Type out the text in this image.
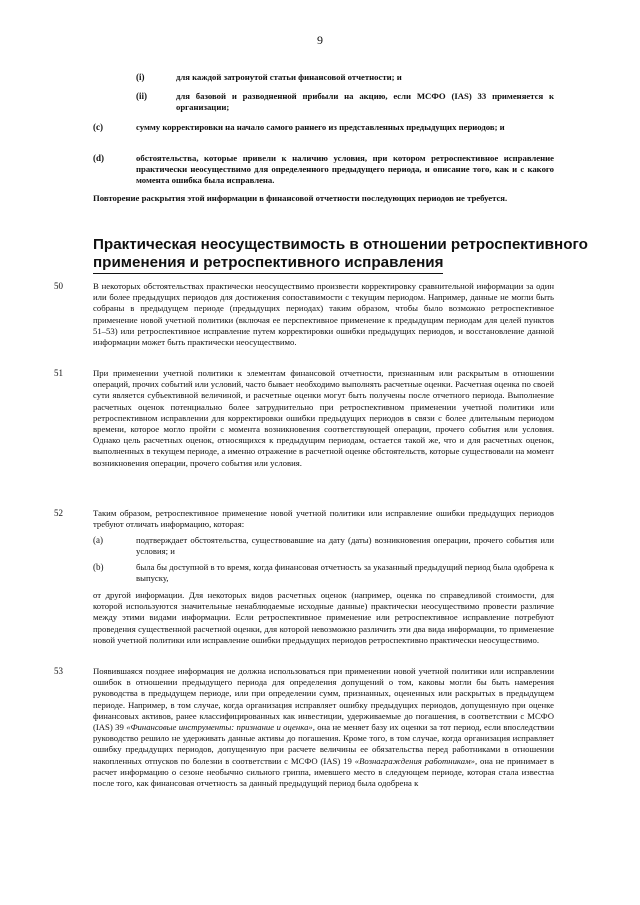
9
(i)	для каждой затронутой статьи финансовой отчетности; и
(ii)	для базовой и разводненной прибыли на акцию, если МСФО (IAS) 33 применяется к организации;
(c)	сумму корректировки на начало самого раннего из представленных предыдущих периодов; и
(d)	обстоятельства, которые привели к наличию условия, при котором ретроспективное исправление практически неосуществимо для определенного предыдущего периода, и описание того, как и с какого момента ошибка была исправлена.
Повторение раскрытия этой информации в финансовой отчетности последующих периодов не требуется.
Практическая неосуществимость в отношении ретроспективного
применения и ретроспективного исправления
50	В некоторых обстоятельствах практически неосуществимо произвести корректировку сравнительной информации за один или более предыдущих периодов для достижения сопоставимости с текущим периодом. Например, данные не могли быть собраны в предыдущем периоде (предыдущих периодах) таким образом, чтобы было возможно ретроспективное применение новой учетной политики (включая ее перспективное применение к предыдущим периодам для целей пунктов 51–53) или ретроспективное исправление путем корректировки ошибки предыдущих периодов, и восстановление данной информации может быть практически неосуществимо.
51	При применении учетной политики к элементам финансовой отчетности, признанным или раскрытым в отношении операций, прочих событий или условий, часто бывает необходимо выполнять расчетные оценки. Расчетная оценка по своей сути является субъективной величиной, и расчетные оценки могут быть получены после отчетного периода. Выполнение расчетных оценок потенциально более затруднительно при ретроспективном применении учетной политики или ретроспективном исправлении для корректировки ошибки предыдущих периодов в связи с более длительным периодом времени, которое могло пройти с момента возникновения соответствующей операции, прочего события или условия. Однако цель расчетных оценок, относящихся к предыдущим периодам, остается такой же, что и для расчетных оценок, выполненных в текущем периоде, а именно отражение в расчетной оценке обстоятельств, которые существовали на момент возникновения операции, прочего события или условия.
52	Таким образом, ретроспективное применение новой учетной политики или исправление ошибки предыдущих периодов требуют отличать информацию, которая:
(a)	подтверждает обстоятельства, существовавшие на дату (даты) возникновения операции, прочего события или условия; и
(b)	была бы доступной в то время, когда финансовая отчетность за указанный предыдущий период была одобрена к выпуску,
от другой информации. Для некоторых видов расчетных оценок (например, оценка по справедливой стоимости, для которой используются значительные ненаблюдаемые исходные данные) практически неосуществимо провести различие между этими видами информации. Если ретроспективное применение или ретроспективное исправление потребуют проведения существенной расчетной оценки, для которой невозможно различить эти два вида информации, то применение новой учетной политики или исправление ошибки предыдущих периодов ретроспективно практически неосуществимо.
53	Появившаяся позднее информация не должна использоваться при применении новой учетной политики или исправлении ошибок в отношении предыдущего периода для определения допущений о том, каковы могли бы быть намерения руководства в предыдущем периоде, или при определении сумм, признанных, оцененных или раскрытых в предыдущем периоде. Например, в том случае, когда организация исправляет ошибку предыдущих периодов, допущенную при оценке финансовых активов, ранее классифицированных как инвестиции, удерживаемые до погашения, в соответствии с МСФО (IAS) 39 «Финансовые инструменты: признание и оценка», она не меняет базу их оценки за тот период, если впоследствии руководство решило не удерживать данные активы до погашения. Кроме того, в том случае, когда организация исправляет ошибку предыдущих периодов, допущенную при расчете величины ее обязательства перед работниками в отношении накопленных отпусков по болезни в соответствии с МСФО (IAS) 19 «Вознаграждения работникам», она не принимает в расчет информацию о сезоне необычно сильного гриппа, имевшего место в следующем периоде, которая стала известна после того, как финансовая отчетность за данный предыдущий период была одобрена к
